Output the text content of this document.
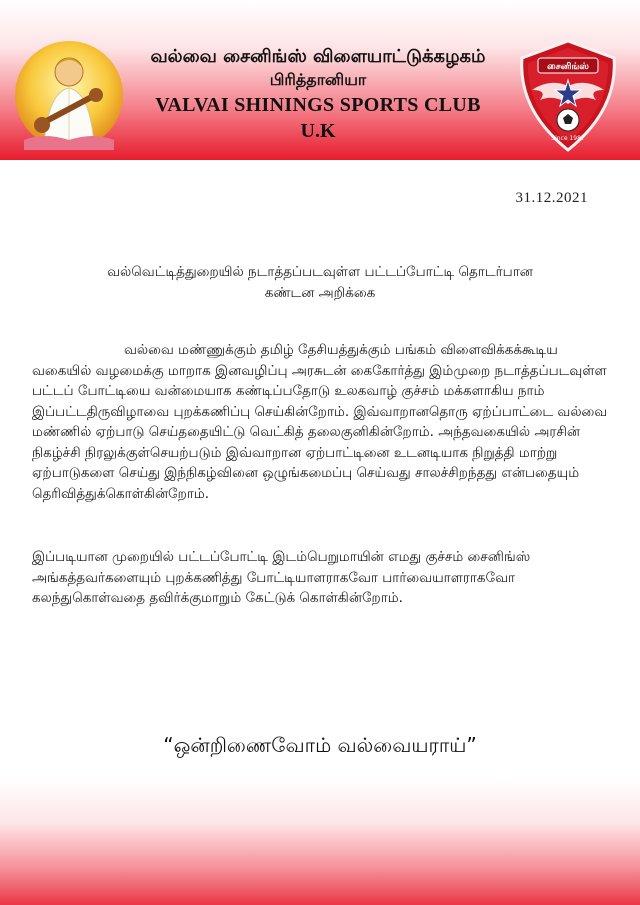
வல்வை சைனிங்ஸ் விளையாட்டுக்கழகம்
பிரித்தானியா
VALVAI SHININGS SPORTS CLUB
U.K
சைனிங்ஸ்
Since 1987
31.12.2021
வல்வெட்டித்துறையில் நடாத்தப்படவுள்ள பட்டப்போட்டி தொடர்பான
கண்டன அறிக்கை
வல்வை மண்ணுக்கும் தமிழ் தேசியத்துக்கும் பங்கம் விளைவிக்கக்கூடிய வகையில் வழமைக்கு மாறாக இனவழிப்பு அரசுடன் கைகோர்த்து இம்முறை நடாத்தப்படவுள்ள பட்டப் போட்டியை வன்மையாக கண்டிப்பதோடு உலகவாழ் குச்சம் மக்களாகிய நாம் இப்பட்டதிருவிழாவை புறக்கணிப்பு செய்கின்றோம். இவ்வாறானதொரு ஏற்ப்பாட்டை வல்வை மண்ணில் ஏற்பாடு செய்ததையிட்டு வெட்கித் தலைகுனிகின்றோம். அந்தவகையில் அரசின் நிகழ்ச்சி நிரலுக்குள்செயற்படும் இவ்வாறான ஏற்பாட்டினை உடனடியாக நிறுத்தி மாற்று ஏற்பாடுகளை செய்து இந்நிகழ்வினை ஒழுங்கமைப்பு செய்வது சாலச்சிறந்தது என்பதையும் தெரிவித்துக்கொள்கின்றோம்.
இப்படியான முறையில் பட்டப்போட்டி இடம்பெறுமாயின் எமது குச்சம் சைனிங்ஸ் அங்கத்தவர்களையும் புறக்கணித்து போட்டியாளராகவோ பார்வையாளராகவோ கலந்துகொள்வதை தவிர்க்குமாறும் கேட்டுக் கொள்கின்றோம்.
“ஒன்றிணைவோம் வல்வையராய்”
